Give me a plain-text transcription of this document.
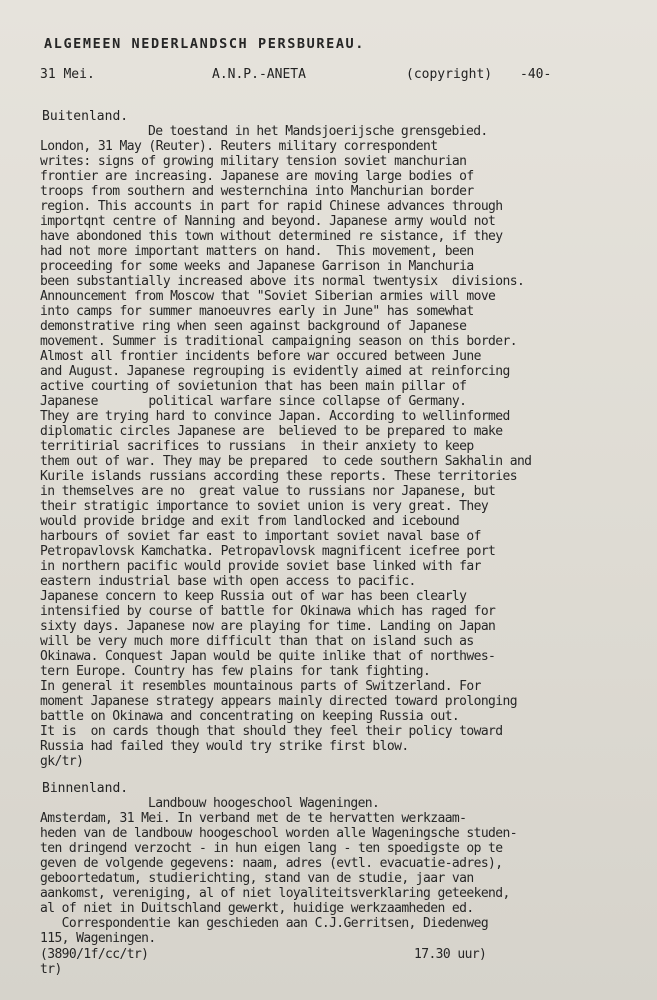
ALGEMEEN NEDERLANDSCH PERSBUREAU.
31 Mei.	A.N.P.-ANETA	(copyright) -40-
Buitenland.
De toestand in het Mandsjoerijsche grensgebied.
London, 31 May (Reuter). Reuters military correspondent
writes: signs of growing military tension soviet manchurian
frontier are increasing. Japanese are moving large bodies of
troops from southern and westernchina into Manchurian border
region. This accounts in part for rapid Chinese advances through
importqnt centre of Nanning and beyond. Japanese army would not
have abondoned this town without determined re sistance, if they
had not more important matters on hand.  This movement, been
proceeding for some weeks and Japanese Garrison in Manchuria
been substantially increased above its normal twentysix  divisions.
Announcement from Moscow that "Soviet Siberian armies will move
into camps for summer manoeuvres early in June" has somewhat
demonstrative ring when seen against background of Japanese
movement. Summer is traditional campaigning season on this border.
Almost all frontier incidents before war occured between June
and August. Japanese regrouping is evidently aimed at reinforcing
active courting of sovietunion that has been main pillar of
Japanese       political warfare since collapse of Germany.
They are trying hard to convince Japan. According to wellinformed
diplomatic circles Japanese are  believed to be prepared to make
territirial sacrifices to russians  in their anxiety to keep
them out of war. They may be prepared  to cede southern Sakhalin and
Kurile islands russians according these reports. These territories
in themselves are no  great value to russians nor Japanese, but
their stratigic importance to soviet union is very great. They
would provide bridge and exit from landlocked and icebound
harbours of soviet far east to important soviet naval base of
Petropavlovsk Kamchatka. Petropavlovsk magnificent icefree port
in northern pacific would provide soviet base linked with far
eastern industrial base with open access to pacific.
Japanese concern to keep Russia out of war has been clearly
intensified by course of battle for Okinawa which has raged for
sixty days. Japanese now are playing for time. Landing on Japan
will be very much more difficult than that on island such as
Okinawa. Conquest Japan would be quite inlike that of northwes-
tern Europe. Country has few plains for tank fighting.
In general it resembles mountainous parts of Switzerland. For
moment Japanese strategy appears mainly directed toward prolonging
battle on Okinawa and concentrating on keeping Russia out.
It is  on cards though that should they feel their policy toward
Russia had failed they would try strike first blow.
gk/tr)
Binnenland.
Landbouw hoogeschool Wageningen.
Amsterdam, 31 Mei. In verband met de te hervatten werkzaam-
heden van de landbouw hoogeschool worden alle Wageningsche studen-
ten dringend verzocht - in hun eigen lang - ten spoedigste op te
geven de volgende gegevens: naam, adres (evtl. evacuatie-adres),
geboortedatum, studierichting, stand van de studie, jaar van
aankomst, vereniging, al of niet loyaliteitsverklaring geteekend,
al of niet in Duitschland gewerkt, huidige werkzaamheden ed.
Correspondentie kan geschieden aan C.J.Gerritsen, Diedenweg
115, Wageningen.
(3890/1f/cc/tr)	17.30 uur)
tr)
